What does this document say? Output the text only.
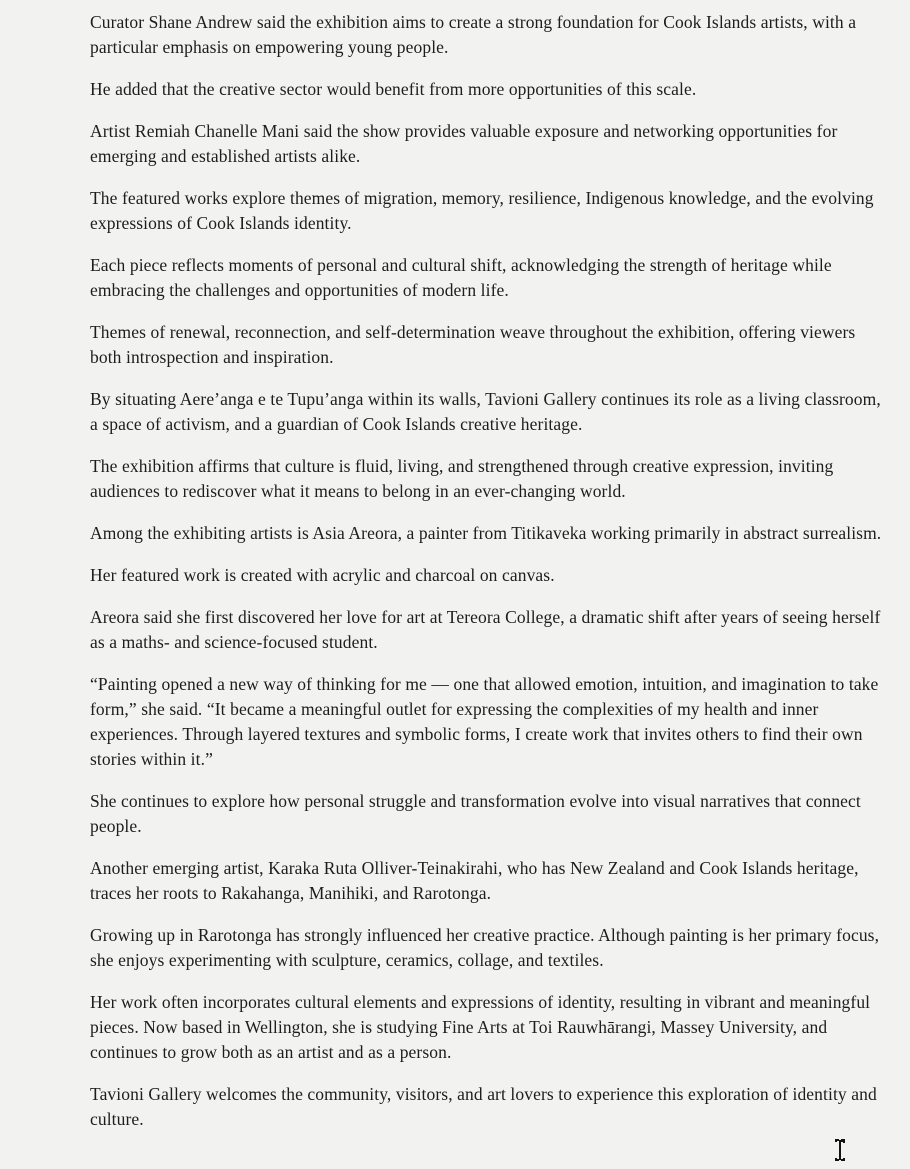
Curator Shane Andrew said the exhibition aims to create a strong foundation for Cook Islands artists, with a particular emphasis on empowering young people.

He added that the creative sector would benefit from more opportunities of this scale.

Artist Remiah Chanelle Mani said the show provides valuable exposure and networking opportunities for emerging and established artists alike.

The featured works explore themes of migration, memory, resilience, Indigenous knowledge, and the evolving expressions of Cook Islands identity.

Each piece reflects moments of personal and cultural shift, acknowledging the strength of heritage while embracing the challenges and opportunities of modern life.

Themes of renewal, reconnection, and self-determination weave throughout the exhibition, offering viewers both introspection and inspiration.

By situating Aere’anga e te Tupu’anga within its walls, Tavioni Gallery continues its role as a living classroom, a space of activism, and a guardian of Cook Islands creative heritage.

The exhibition affirms that culture is fluid, living, and strengthened through creative expression, inviting audiences to rediscover what it means to belong in an ever-changing world.

Among the exhibiting artists is Asia Areora, a painter from Titikaveka working primarily in abstract surrealism.

Her featured work is created with acrylic and charcoal on canvas.

Areora said she first discovered her love for art at Tereora College, a dramatic shift after years of seeing herself as a maths- and science-focused student.

“Painting opened a new way of thinking for me — one that allowed emotion, intuition, and imagination to take form,” she said. “It became a meaningful outlet for expressing the complexities of my health and inner experiences. Through layered textures and symbolic forms, I create work that invites others to find their own stories within it.”

She continues to explore how personal struggle and transformation evolve into visual narratives that connect people.

Another emerging artist, Karaka Ruta Olliver-Teinakirahi, who has New Zealand and Cook Islands heritage, traces her roots to Rakahanga, Manihiki, and Rarotonga.

Growing up in Rarotonga has strongly influenced her creative practice. Although painting is her primary focus, she enjoys experimenting with sculpture, ceramics, collage, and textiles.

Her work often incorporates cultural elements and expressions of identity, resulting in vibrant and meaningful pieces. Now based in Wellington, she is studying Fine Arts at Toi Rauwhārangi, Massey University, and continues to grow both as an artist and as a person.

Tavioni Gallery welcomes the community, visitors, and art lovers to experience this exploration of identity and culture.
